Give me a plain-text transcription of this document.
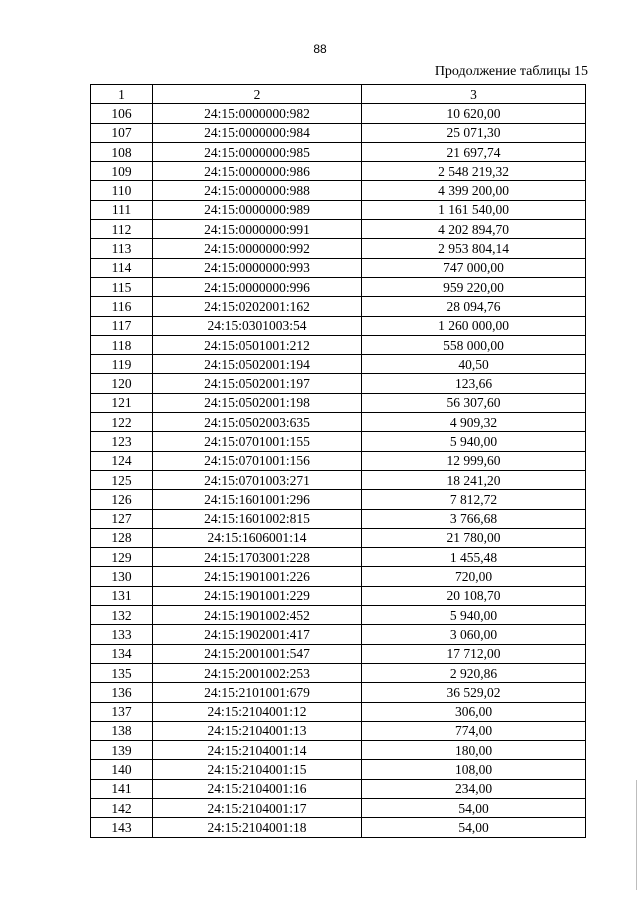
88
Продолжение таблицы 15
1	2	3
106	24:15:0000000:982	10 620,00
107	24:15:0000000:984	25 071,30
108	24:15:0000000:985	21 697,74
109	24:15:0000000:986	2 548 219,32
110	24:15:0000000:988	4 399 200,00
111	24:15:0000000:989	1 161 540,00
112	24:15:0000000:991	4 202 894,70
113	24:15:0000000:992	2 953 804,14
114	24:15:0000000:993	747 000,00
115	24:15:0000000:996	959 220,00
116	24:15:0202001:162	28 094,76
117	24:15:0301003:54	1 260 000,00
118	24:15:0501001:212	558 000,00
119	24:15:0502001:194	40,50
120	24:15:0502001:197	123,66
121	24:15:0502001:198	56 307,60
122	24:15:0502003:635	4 909,32
123	24:15:0701001:155	5 940,00
124	24:15:0701001:156	12 999,60
125	24:15:0701003:271	18 241,20
126	24:15:1601001:296	7 812,72
127	24:15:1601002:815	3 766,68
128	24:15:1606001:14	21 780,00
129	24:15:1703001:228	1 455,48
130	24:15:1901001:226	720,00
131	24:15:1901001:229	20 108,70
132	24:15:1901002:452	5 940,00
133	24:15:1902001:417	3 060,00
134	24:15:2001001:547	17 712,00
135	24:15:2001002:253	2 920,86
136	24:15:2101001:679	36 529,02
137	24:15:2104001:12	306,00
138	24:15:2104001:13	774,00
139	24:15:2104001:14	180,00
140	24:15:2104001:15	108,00
141	24:15:2104001:16	234,00
142	24:15:2104001:17	54,00
143	24:15:2104001:18	54,00
